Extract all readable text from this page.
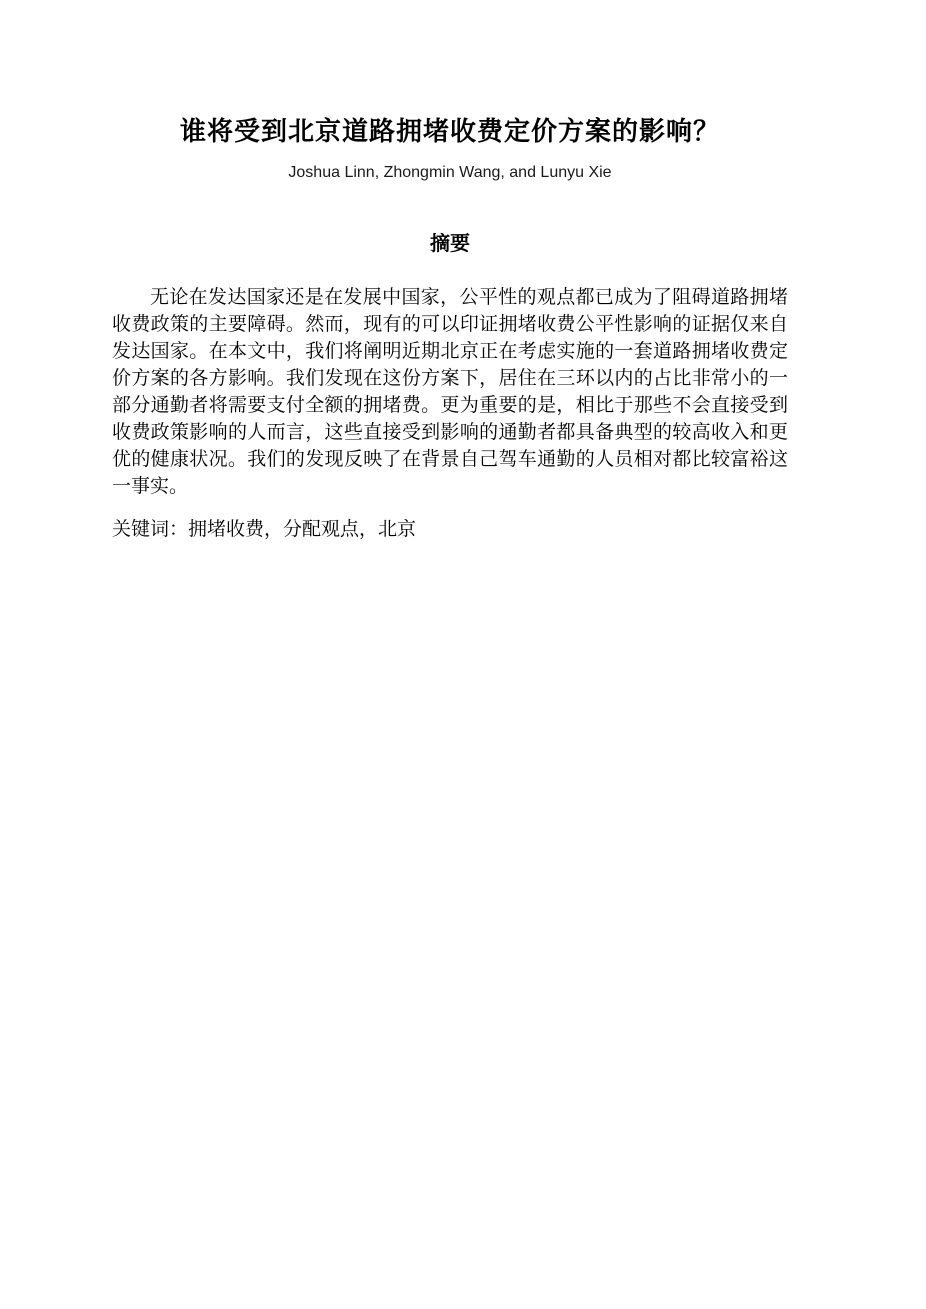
谁将受到北京道路拥堵收费定价方案的影响？
Joshua Linn, Zhongmin Wang, and Lunyu Xie
摘要

无论在发达国家还是在发展中国家，公平性的观点都已成为了阻碍道路拥堵收费政策的主要障碍。然而，现有的可以印证拥堵收费公平性影响的证据仅来自发达国家。在本文中，我们将阐明近期北京正在考虑实施的一套道路拥堵收费定价方案的各方影响。我们发现在这份方案下，居住在三环以内的占比非常小的一部分通勤者将需要支付全额的拥堵费。更为重要的是，相比于那些不会直接受到收费政策影响的人而言，这些直接受到影响的通勤者都具备典型的较高收入和更优的健康状况。我们的发现反映了在背景自己驾车通勤的人员相对都比较富裕这一事实。

关键词：拥堵收费，分配观点，北京
